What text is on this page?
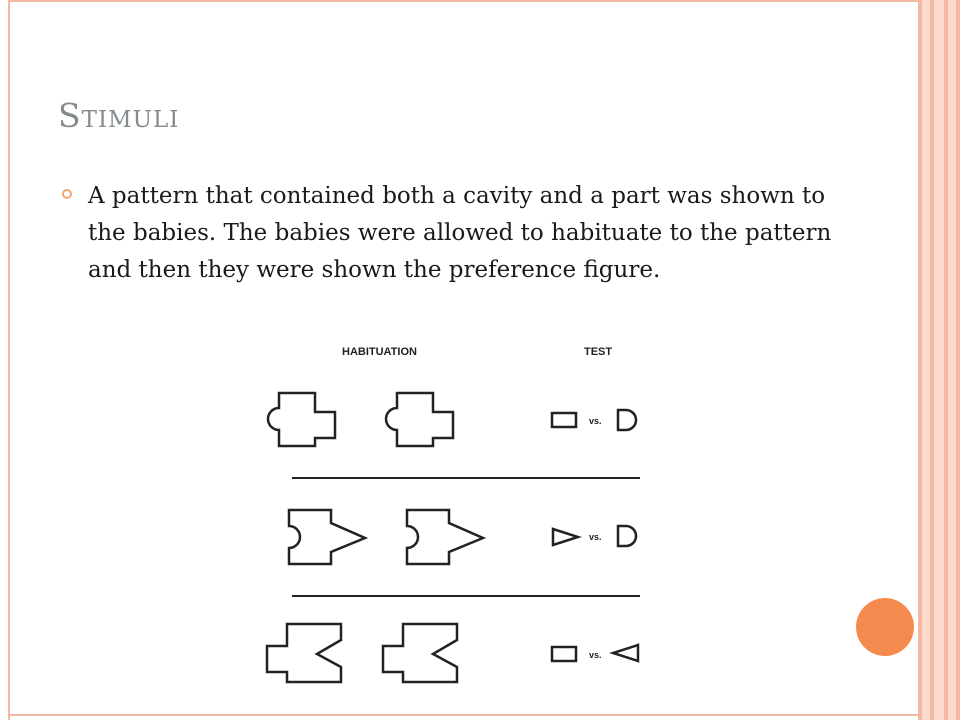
Stimuli

A pattern that contained both a cavity and a part was shown to the babies. The babies were allowed to habituate to the pattern and then they were shown the preference figure.

HABITUATION	TEST
vs.
vs.
vs.
